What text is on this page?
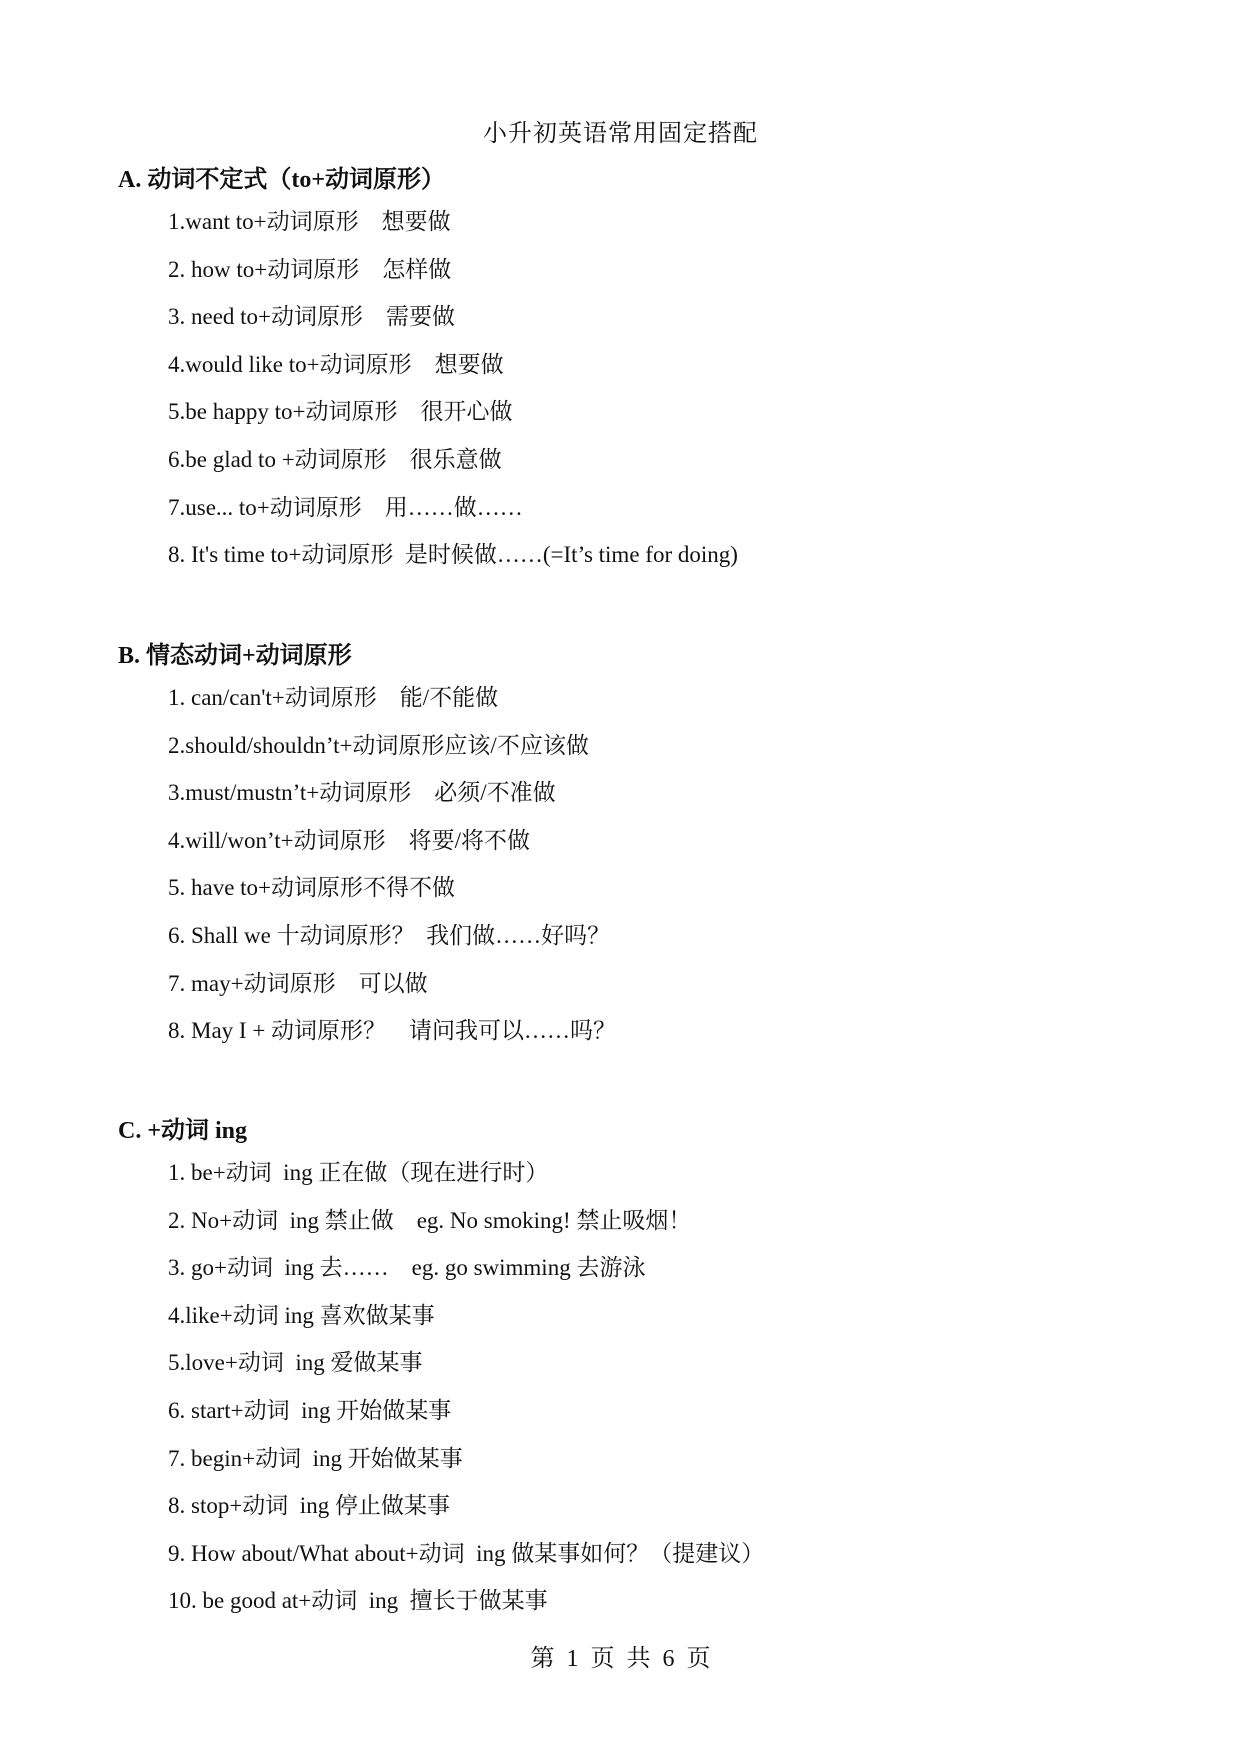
小升初英语常用固定搭配
A. 动词不定式（to+动词原形）
1.want to+动词原形    想要做
2. how to+动词原形    怎样做
3. need to+动词原形    需要做
4.would like to+动词原形    想要做
5.be happy to+动词原形    很开心做
6.be glad to +动词原形    很乐意做
7.use... to+动词原形    用……做……
8. It's time to+动词原形  是时候做……(=It’s time for doing)
B. 情态动词+动词原形
1. can/can't+动词原形    能/不能做
2.should/shouldn’t+动词原形应该/不应该做
3.must/mustn’t+动词原形    必须/不准做
4.will/won’t+动词原形    将要/将不做
5. have to+动词原形不得不做
6. Shall we 十动词原形？  我们做……好吗？
7. may+动词原形    可以做
8. May I + 动词原形？    请问我可以……吗？
C. +动词 ing
1. be+动词  ing 正在做（现在进行时）
2. No+动词  ing 禁止做    eg. No smoking! 禁止吸烟！
3. go+动词  ing 去……    eg. go swimming 去游泳
4.like+动词 ing 喜欢做某事
5.love+动词  ing 爱做某事
6. start+动词  ing 开始做某事
7. begin+动词  ing 开始做某事
8. stop+动词  ing 停止做某事
9. How about/What about+动词  ing 做某事如何？（提建议）
10. be good at+动词  ing  擅长于做某事
第 1 页 共 6 页
